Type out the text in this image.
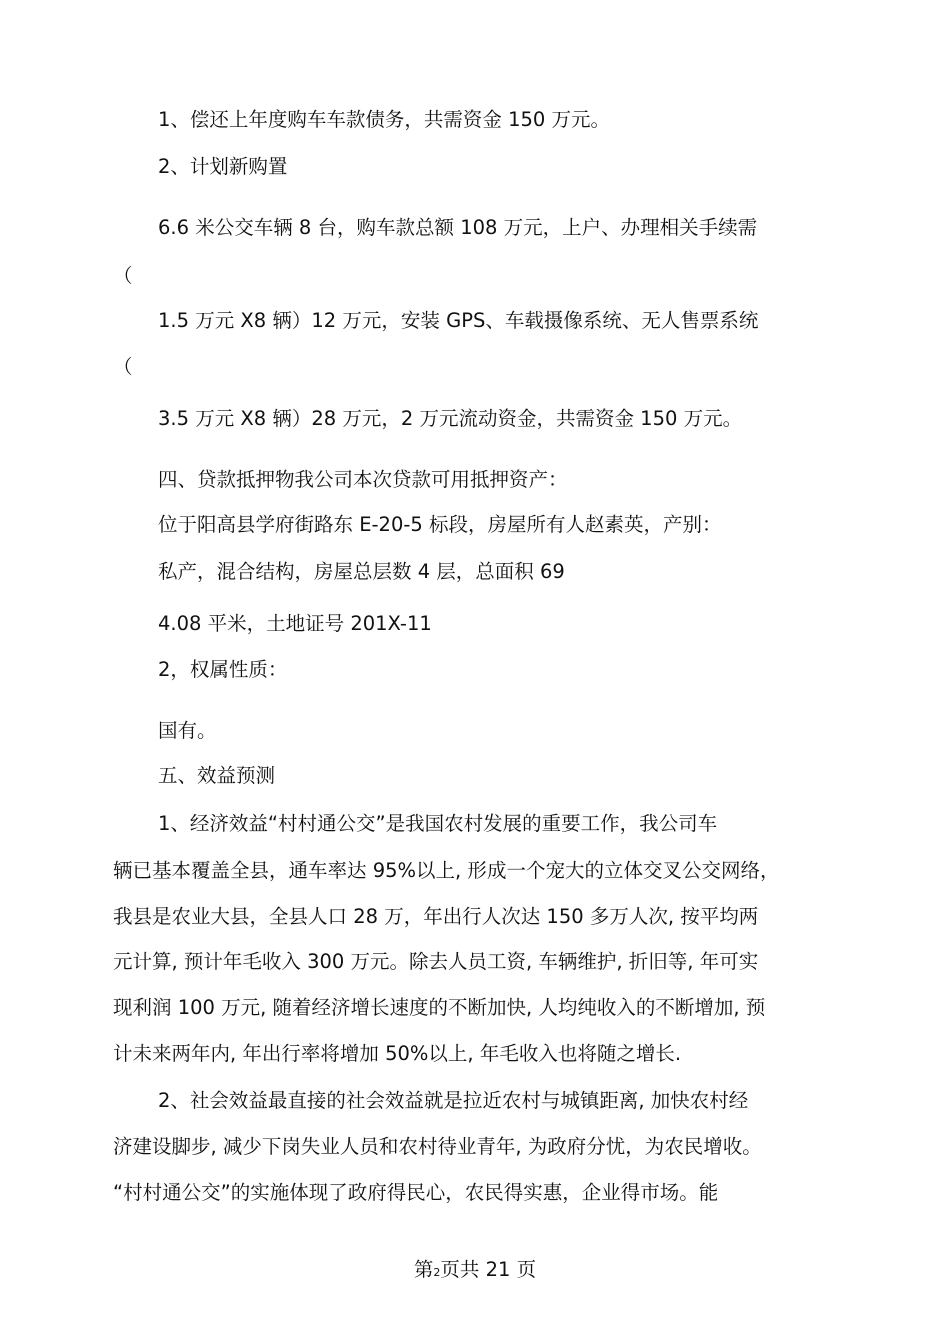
1、偿还上年度购车车款债务，共需资金 150 万元。
2、计划新购置
6.6 米公交车辆 8 台，购车款总额 108 万元，上户、办理相关手续需
（
1.5 万元 X8 辆）12 万元，安装 GPS、车载摄像系统、无人售票系统
（
3.5 万元 X8 辆）28 万元，2 万元流动资金，共需资金 150 万元。
四、贷款抵押物我公司本次贷款可用抵押资产：
位于阳高县学府街路东 E-20-5 标段，房屋所有人赵素英，产别：
私产，混合结构，房屋总层数 4 层，总面积 69
4.08 平米，土地证号 201X-11
2，权属性质：
国有。
五、效益预测
1、经济效益“村村通公交”是我国农村发展的重要工作，我公司车
辆已基本覆盖全县，通车率达 95%以上, 形成一个宠大的立体交叉公交网络，
我县是农业大县，全县人口 28 万，年出行人次达 150 多万人次, 按平均两
元计算, 预计年毛收入 300 万元。除去人员工资, 车辆维护, 折旧等, 年可实
现利润 100 万元, 随着经济增长速度的不断加快, 人均纯收入的不断增加, 预
计未来两年内, 年出行率将增加 50%以上, 年毛收入也将随之增长.
2、社会效益最直接的社会效益就是拉近农村与城镇距离, 加快农村经
济建设脚步, 减少下岗失业人员和农村待业青年, 为政府分忧，为农民增收。
“村村通公交”的实施体现了政府得民心，农民得实惠，企业得市场。能
第2页共 21 页
